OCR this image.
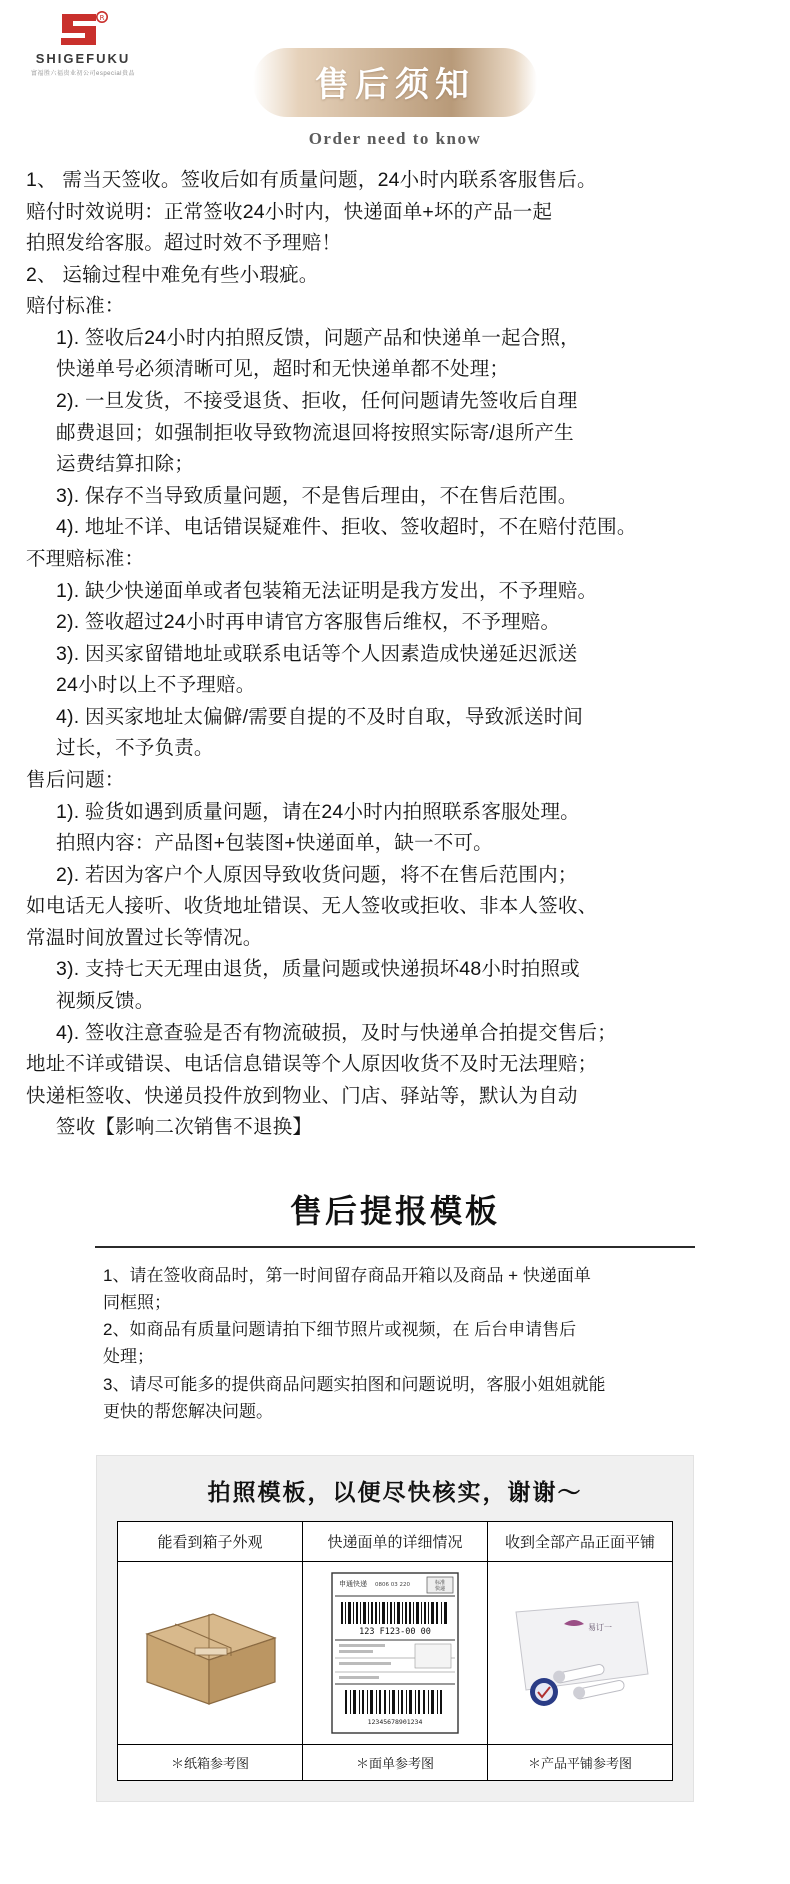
R
SHIGEFUKU
富福胜六福贵业初公司especial贵品	售后须知
Order need to know

1、 需当天签收。签收后如有质量问题，24小时内联系客服售后。

赔付时效说明：正常签收24小时内，快递面单+坏的产品一起

拍照发给客服。超过时效不予理赔！

2、 运输过程中难免有些小瑕疵。

赔付标准：

1). 签收后24小时内拍照反馈，问题产品和快递单一起合照，

快递单号必须清晰可见，超时和无快递单都不处理；

2). 一旦发货，不接受退货、拒收，任何问题请先签收后自理

邮费退回；如强制拒收导致物流退回将按照实际寄/退所产生

运费结算扣除；

3). 保存不当导致质量问题，不是售后理由，不在售后范围。

4). 地址不详、电话错误疑难件、拒收、签收超时，不在赔付范围。

不理赔标准：

1). 缺少快递面单或者包装箱无法证明是我方发出，不予理赔。

2). 签收超过24小时再申请官方客服售后维权，不予理赔。

3). 因买家留错地址或联系电话等个人因素造成快递延迟派送

24小时以上不予理赔。

4). 因买家地址太偏僻/需要自提的不及时自取，导致派送时间

过长，不予负责。

售后问题：

1). 验货如遇到质量问题，请在24小时内拍照联系客服处理。

拍照内容：产品图+包装图+快递面单，缺一不可。

2). 若因为客户个人原因导致收货问题，将不在售后范围内；

如电话无人接听、收货地址错误、无人签收或拒收、非本人签收、

常温时间放置过长等情况。

3). 支持七天无理由退货，质量问题或快递损坏48小时拍照或

视频反馈。

4). 签收注意查验是否有物流破损，及时与快递单合拍提交售后；

地址不详或错误、电话信息错误等个人原因收货不及时无法理赔；

快递柜签收、快递员投件放到物业、门店、驿站等，默认为自动

签收【影响二次销售不退换】

售后提报模板

1、请在签收商品时，第一时间留存商品开箱以及商品 + 快递面单

同框照；

2、如商品有质量问题请拍下细节照片或视频，在 后台申请售后

处理；

3、请尽可能多的提供商品问题实拍图和问题说明，客服小姐姐就能

更快的帮您解决问题。

拍照模板，以便尽快核实，谢谢～
能看到箱子外观	快递面单的详细情况	收到全部产品正面平铺

申通快递 0806 03 220	标准
快递
123 F123-00 00
12345678901234

易订一

＊纸箱参考图	＊面单参考图	＊产品平铺参考图
